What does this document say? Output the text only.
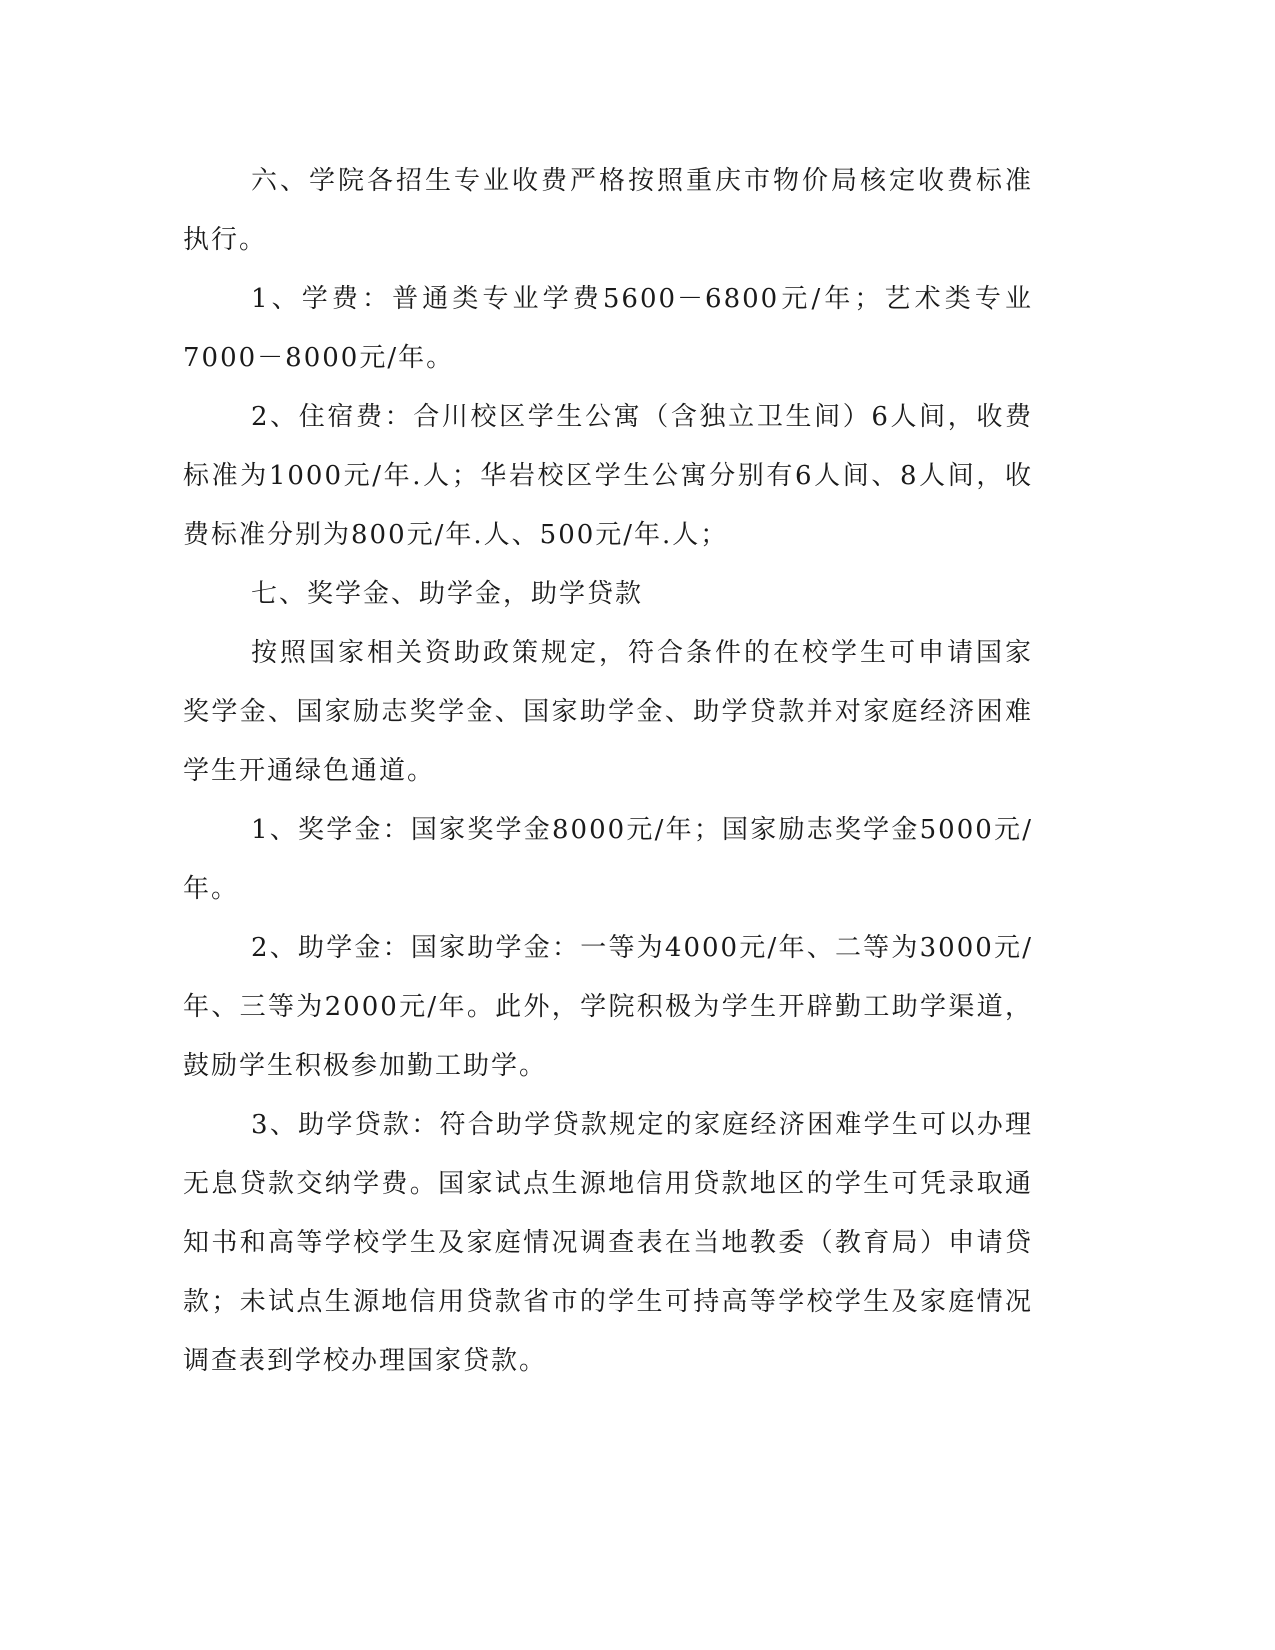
六、学院各招生专业收费严格按照重庆市物价局核定收费标准执行。

1、学费：普通类专业学费5600－6800元/年；艺术类专业7000－8000元/年。

2、住宿费：合川校区学生公寓（含独立卫生间）6人间，收费标准为1000元/年.人；华岩校区学生公寓分别有6人间、8人间，收费标准分别为800元/年.人、500元/年.人；

七、奖学金、助学金，助学贷款

按照国家相关资助政策规定，符合条件的在校学生可申请国家奖学金、国家励志奖学金、国家助学金、助学贷款并对家庭经济困难学生开通绿色通道。

1、奖学金：国家奖学金8000元/年；国家励志奖学金5000元/年。

2、助学金：国家助学金：一等为4000元/年、二等为3000元/年、三等为2000元/年。此外，学院积极为学生开辟勤工助学渠道，鼓励学生积极参加勤工助学。

3、助学贷款：符合助学贷款规定的家庭经济困难学生可以办理无息贷款交纳学费。国家试点生源地信用贷款地区的学生可凭录取通知书和高等学校学生及家庭情况调查表在当地教委（教育局）申请贷款；未试点生源地信用贷款省市的学生可持高等学校学生及家庭情况调查表到学校办理国家贷款。
